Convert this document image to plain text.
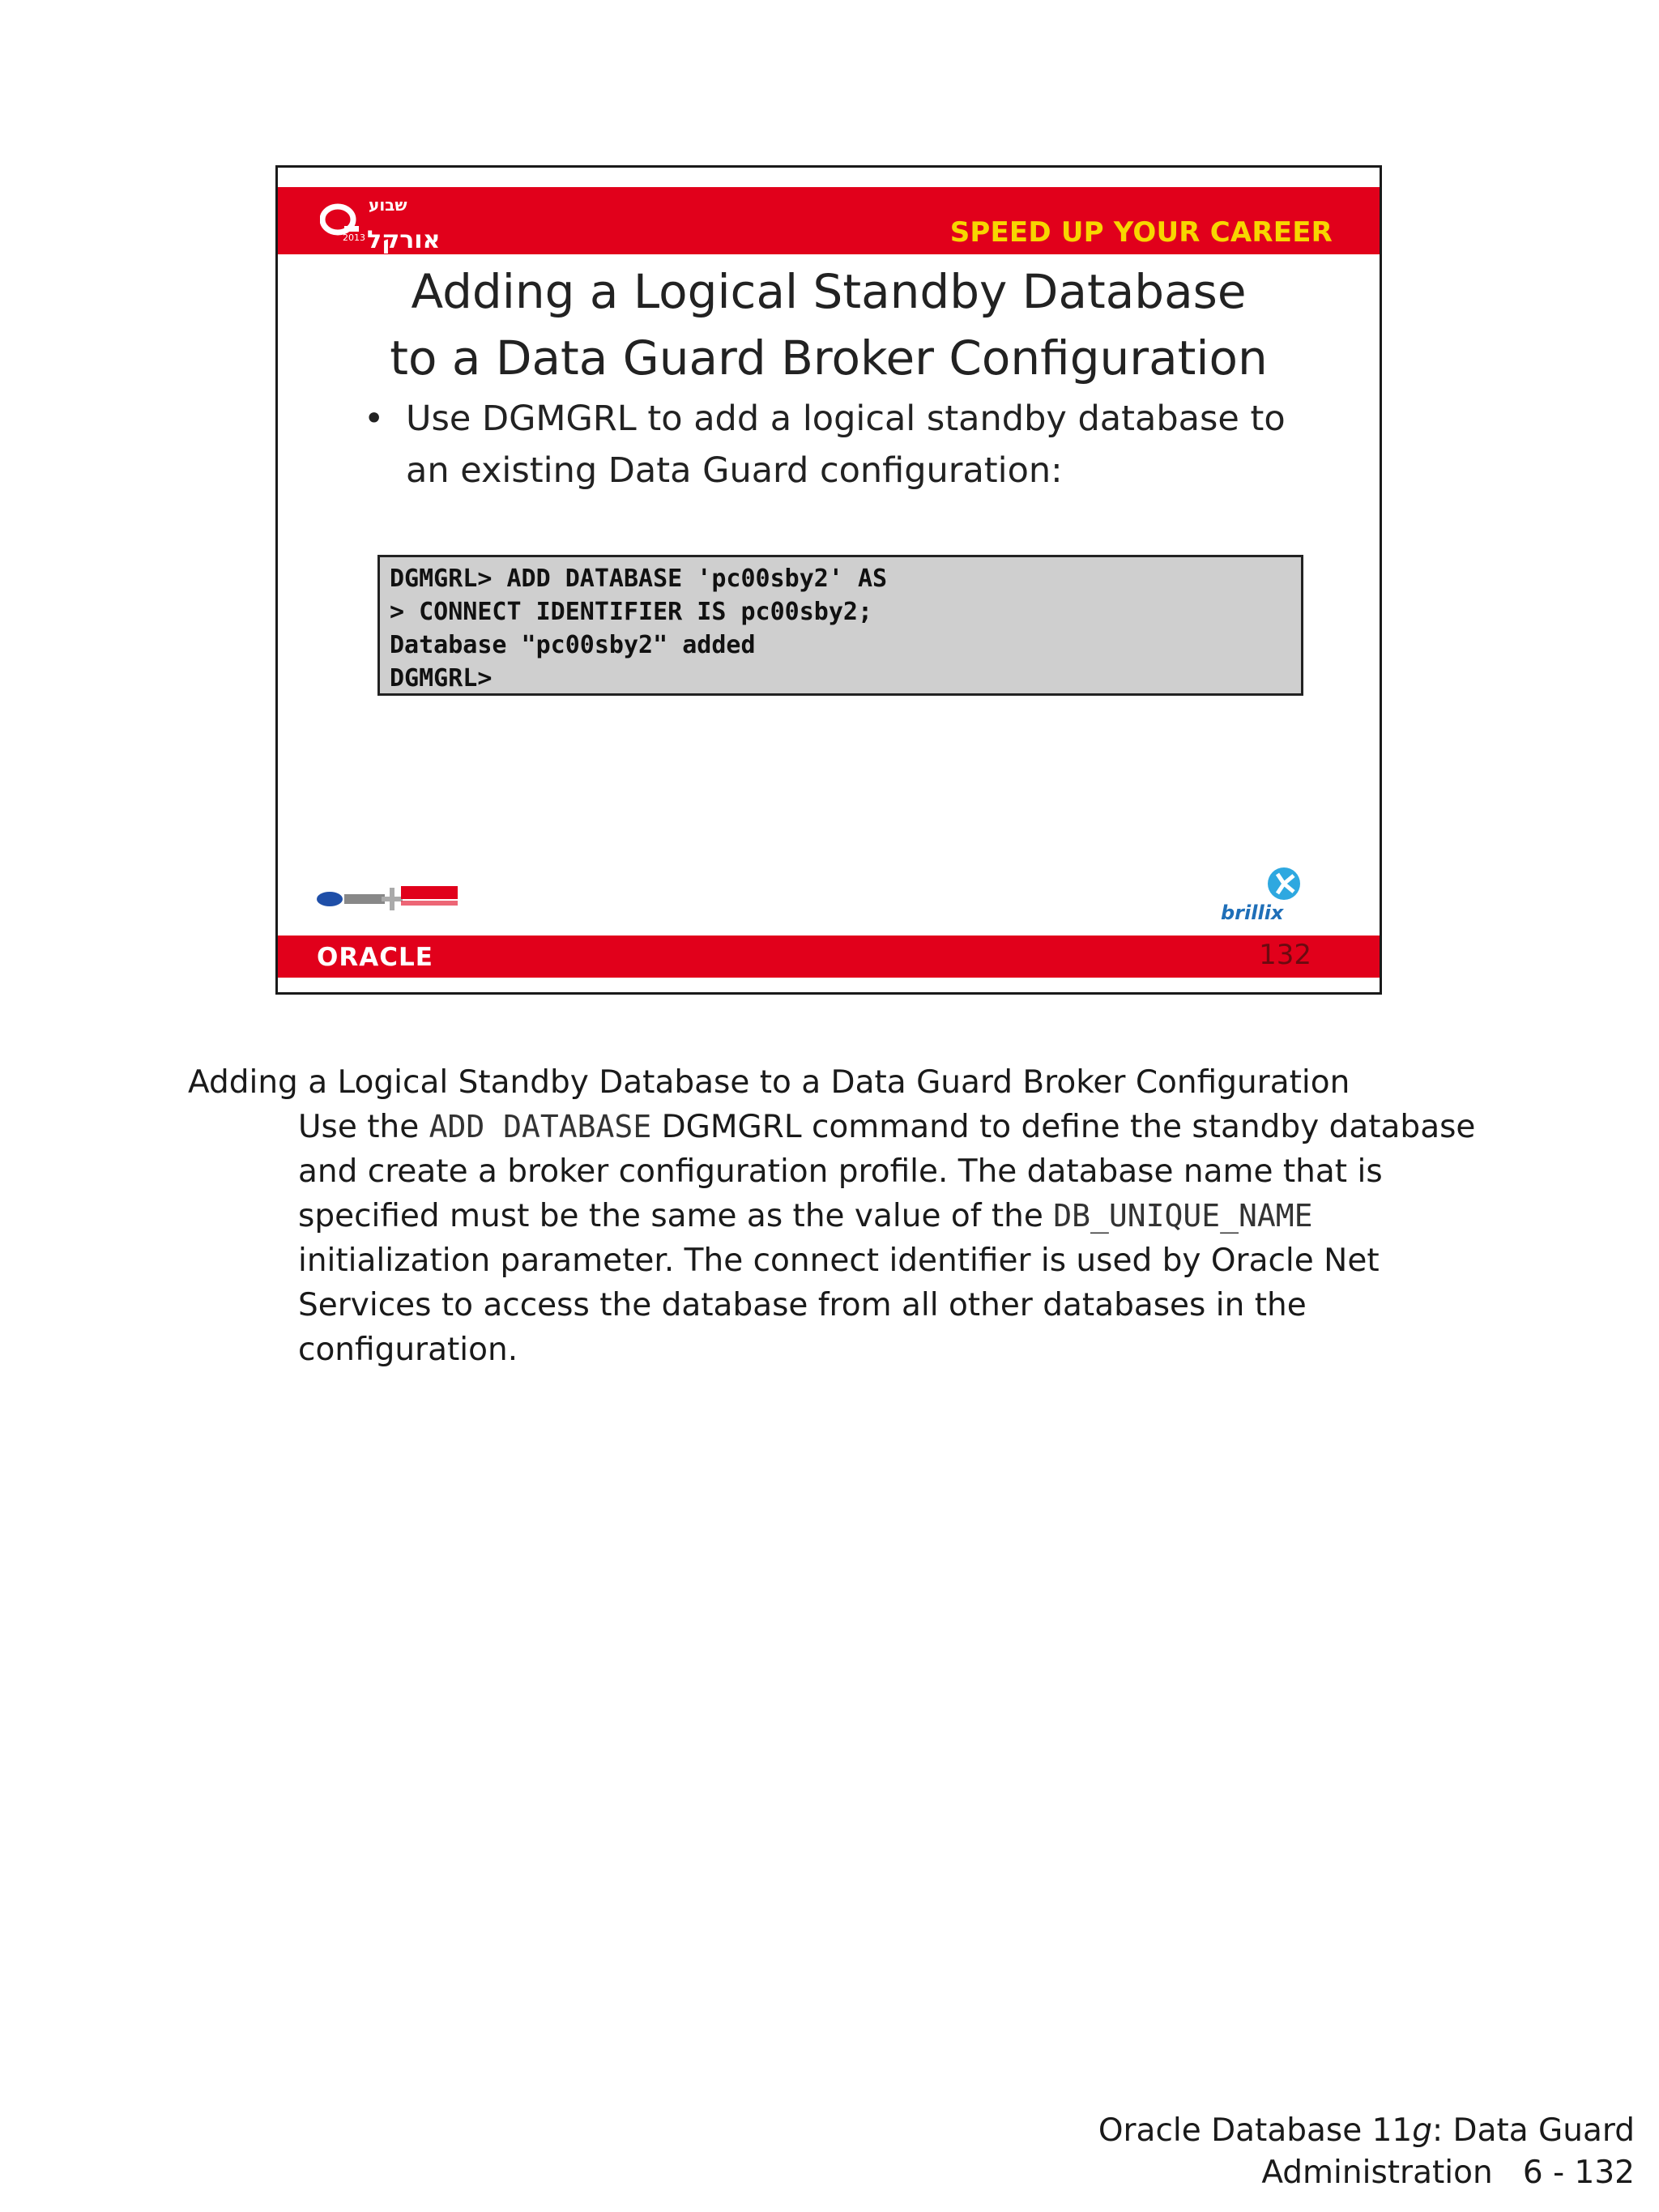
שבוע
אורקל
2013	SPEED UP YOUR CAREER
Adding a Logical Standby Database
to a Data Guard Broker Configuration
• Use DGMGRL to add a logical standby database to an existing Data Guard configuration:
DGMGRL> ADD DATABASE 'pc00sby2' AS
> CONNECT IDENTIFIER IS pc00sby2;
Database "pc00sby2" added
DGMGRL>
brillix
ORACLE	132
Adding a Logical Standby Database to a Data Guard Broker Configuration
Use the ADD DATABASE DGMGRL command to define the standby database and create a broker configuration profile. The database name that is specified must be the same as the value of the DB_UNIQUE_NAME initialization parameter. The connect identifier is used by Oracle Net Services to access the database from all other databases in the configuration.
Oracle Database 11g: Data Guard
Administration   6 - 132
